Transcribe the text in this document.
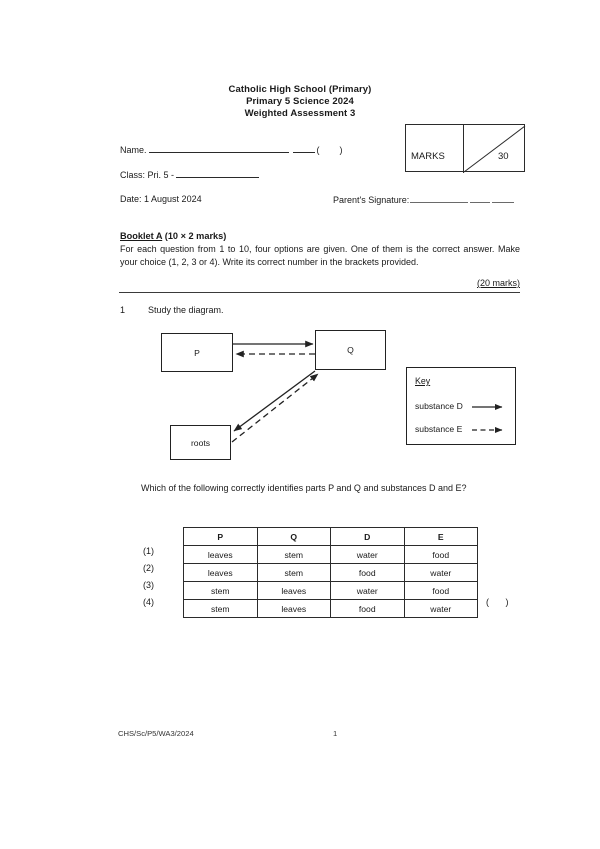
Catholic High School (Primary)
Primary 5 Science 2024
Weighted Assessment 3
Name.	( )
Class: Pri. 5 -
Date: 1 August 2024	Parent's Signature:
MARKS	30
Booklet A (10 × 2 marks)
For each question from 1 to 10, four options are given. One of them is the correct answer. Make your choice (1, 2, 3 or 4). Write its correct number in the brackets provided.
(20 marks)
1	Study the diagram.
P	Q
roots
Key
substance D
substance E
Which of the following correctly identifies parts P and Q and substances D and E?
(1)
(2)
(3)
(4)
P	Q	D	E
leaves	stem	water	food
leaves	stem	food	water
stem	leaves	water	food
stem	leaves	food	water
( )
CHS/Sc/P5/WA3/2024	1
